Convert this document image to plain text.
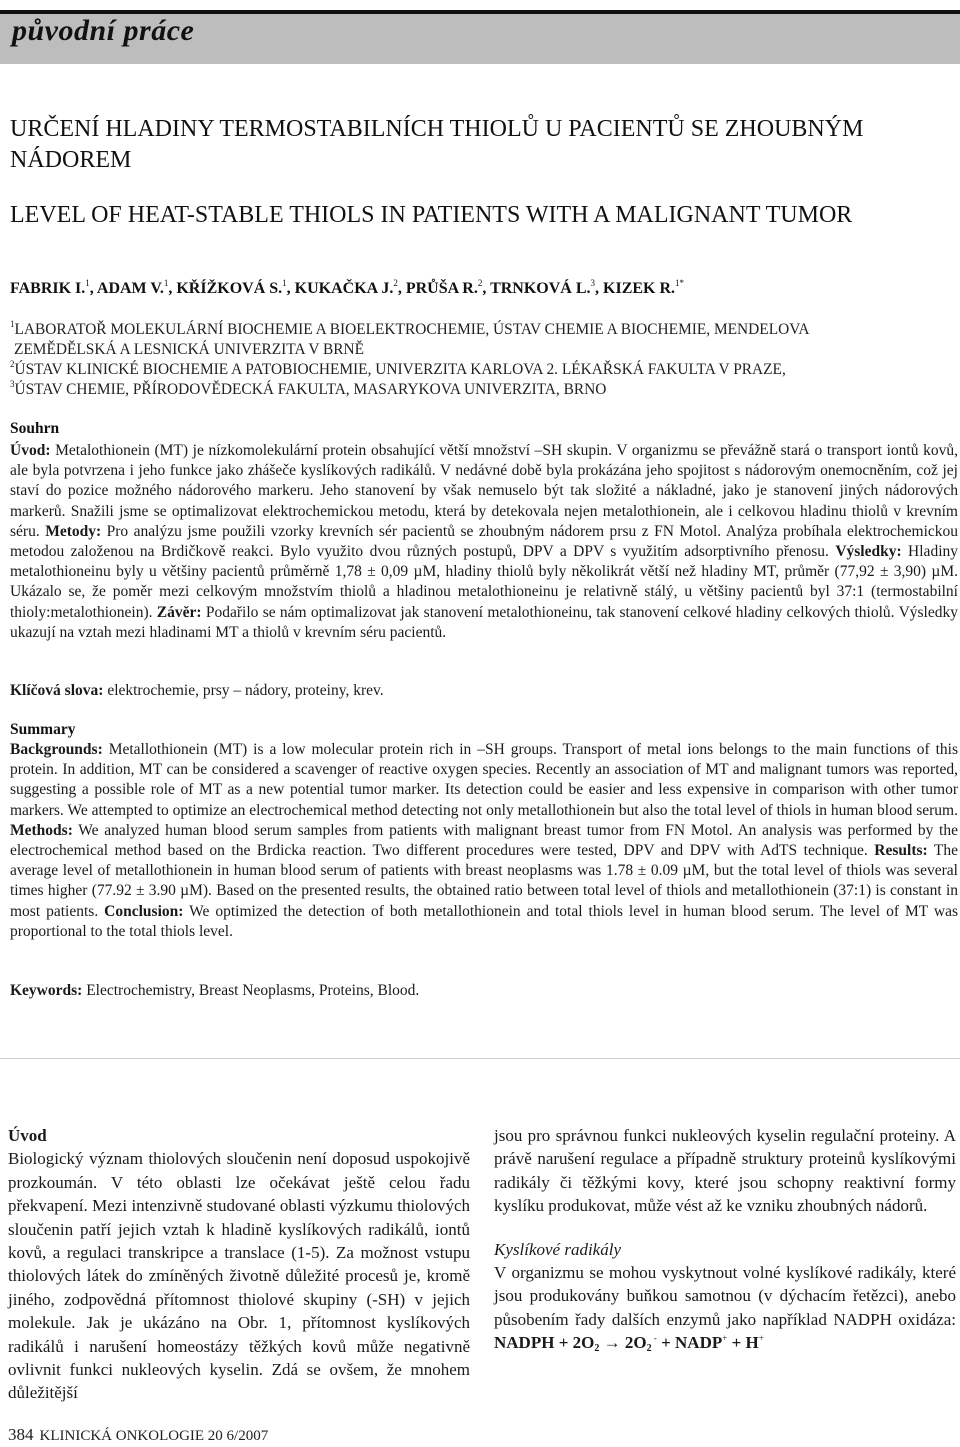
původní práce
URČENÍ HLADINY TERMOSTABILNÍCH THIOLŮ U PACIENTŮ SE ZHOUBNÝM NÁDOREM
LEVEL OF HEAT-STABLE THIOLS IN PATIENTS WITH A MALIGNANT TUMOR
FABRIK I.$^1$, ADAM V.$^1$, KŘÍŽKOVÁ S.$^1$, KUKAČKA J.$^2$, PRŮŠA R.$^2$, TRNKOVÁ L.$^3$, KIZEK R.$^{1*}$
$^1$LABORATOŘ MOLEKULÁRNÍ BIOCHEMIE A BIOELEKTROCHEMIE, ÚSTAV CHEMIE A BIOCHEMIE, MENDELOVA
ZEMĚDĚLSKÁ A LESNICKÁ UNIVERZITA V BRNĚ
$^2$ÚSTAV KLINICKÉ BIOCHEMIE A PATOBIOCHEMIE, UNIVERZITA KARLOVA 2. LÉKAŘSKÁ FAKULTA V PRAZE,
$^3$ÚSTAV CHEMIE, PŘÍRODOVĚDECKÁ FAKULTA, MASARYKOVA UNIVERZITA, BRNO
Souhrn

Úvod: Metalothionein (MT) je nízkomolekulární protein obsahující větší množství –SH skupin. V organizmu se převážně stará o transport iontů kovů, ale byla potvrzena i jeho funkce jako zhášeče kyslíkových radikálů. V nedávné době byla prokázána jeho spojitost s nádorovým onemocněním, což jej staví do pozice možného nádorového markeru. Jeho stanovení by však nemuselo být tak složité a nákladné, jako je stanovení jiných nádorových markerů. Snažili jsme se optimalizovat elektrochemickou metodu, která by detekovala nejen metalothionein, ale i celkovou hladinu thiolů v krevním séru. Metody: Pro analýzu jsme použili vzorky krevních sér pacientů se zhoubným nádorem prsu z FN Motol. Analýza probíhala elektrochemickou metodou založenou na Brdičkově reakci. Bylo využito dvou různých postupů, DPV a DPV s využitím adsorptivního přenosu. Výsledky: Hladiny metalothioneinu byly u většiny pacientů průměrně 1,78 ± 0,09 µM, hladiny thiolů byly několikrát větší než hladiny MT, průměr (77,92 ± 3,90) µM. Ukázalo se, že poměr mezi celkovým množstvím thiolů a hladinou metalothioneinu je relativně stálý, u většiny pacientů byl 37:1 (termostabilní thioly:metalothionein). Závěr: Podařilo se nám optimalizovat jak stanovení metalothioneinu, tak stanovení celkové hladiny celkových thiolů. Výsledky ukazují na vztah mezi hladinami MT a thiolů v krevním séru pacientů.

Klíčová slova: elektrochemie, prsy – nádory, proteiny, krev.
Summary

Backgrounds: Metallothionein (MT) is a low molecular protein rich in –SH groups. Transport of metal ions belongs to the main functions of this protein. In addition, MT can be considered a scavenger of reactive oxygen species. Recently an association of MT and malignant tumors was reported, suggesting a possible role of MT as a new potential tumor marker. Its detection could be easier and less expensive in comparison with other tumor markers. We attempted to optimize an electrochemical method detecting not only metallothionein but also the total level of thiols in human blood serum. Methods: We analyzed human blood serum samples from patients with malignant breast tumor from FN Motol. An analysis was performed by the electrochemical method based on the Brdicka reaction. Two different procedures were tested, DPV and DPV with AdTS technique. Results: The average level of metallothionein in human blood serum of patients with breast neoplasms was 1.78 ± 0.09 µM, but the total level of thiols was several times higher (77.92 ± 3.90 µM). Based on the presented results, the obtained ratio between total level of thiols and metallothionein (37:1) is constant in most patients. Conclusion: We optimized the detection of both metallothionein and total thiols level in human blood serum. The level of MT was proportional to the total thiols level.

Keywords: Electrochemistry, Breast Neoplasms, Proteins, Blood.
Úvod

Biologický význam thiolových sloučenin není doposud uspokojivě prozkoumán. V této oblasti lze očekávat ještě celou řadu překvapení. Mezi intenzivně studované oblasti výzkumu thiolových sloučenin patří jejich vztah k hladině kyslíkových radikálů, iontů kovů, a regulaci transkripce a translace (1-5). Za možnost vstupu thiolových látek do zmíněných životně důležité procesů je, kromě jiného, zodpovědná přítomnost thiolové skupiny (-SH) v jejich molekule. Jak je ukázáno na Obr. 1, přítomnost kyslíkových radikálů i narušení homeostázy těžkých kovů může negativně ovlivnit funkci nukleových kyselin. Zdá se ovšem, že mnohem důležitější

jsou pro správnou funkci nukleových kyselin regulační proteiny. A právě narušení regulace a případně struktury proteinů kyslíkovými radikály či těžkými kovy, které jsou schopny reaktivní formy kyslíku produkovat, může vést až ke vzniku zhoubných nádorů.

Kyslíkové radikály

V organizmu se mohou vyskytnout volné kyslíkové radikály, které jsou produkovány buňkou samotnou (v dýchacím řetězci), anebo působením řady dalších enzymů jako například NADPH oxidáza: NADPH + $2O_2 \to 2O_2$ - + NADP+ + H+

384 KLINICKÁ ONKOLOGIE 20 6/2007
